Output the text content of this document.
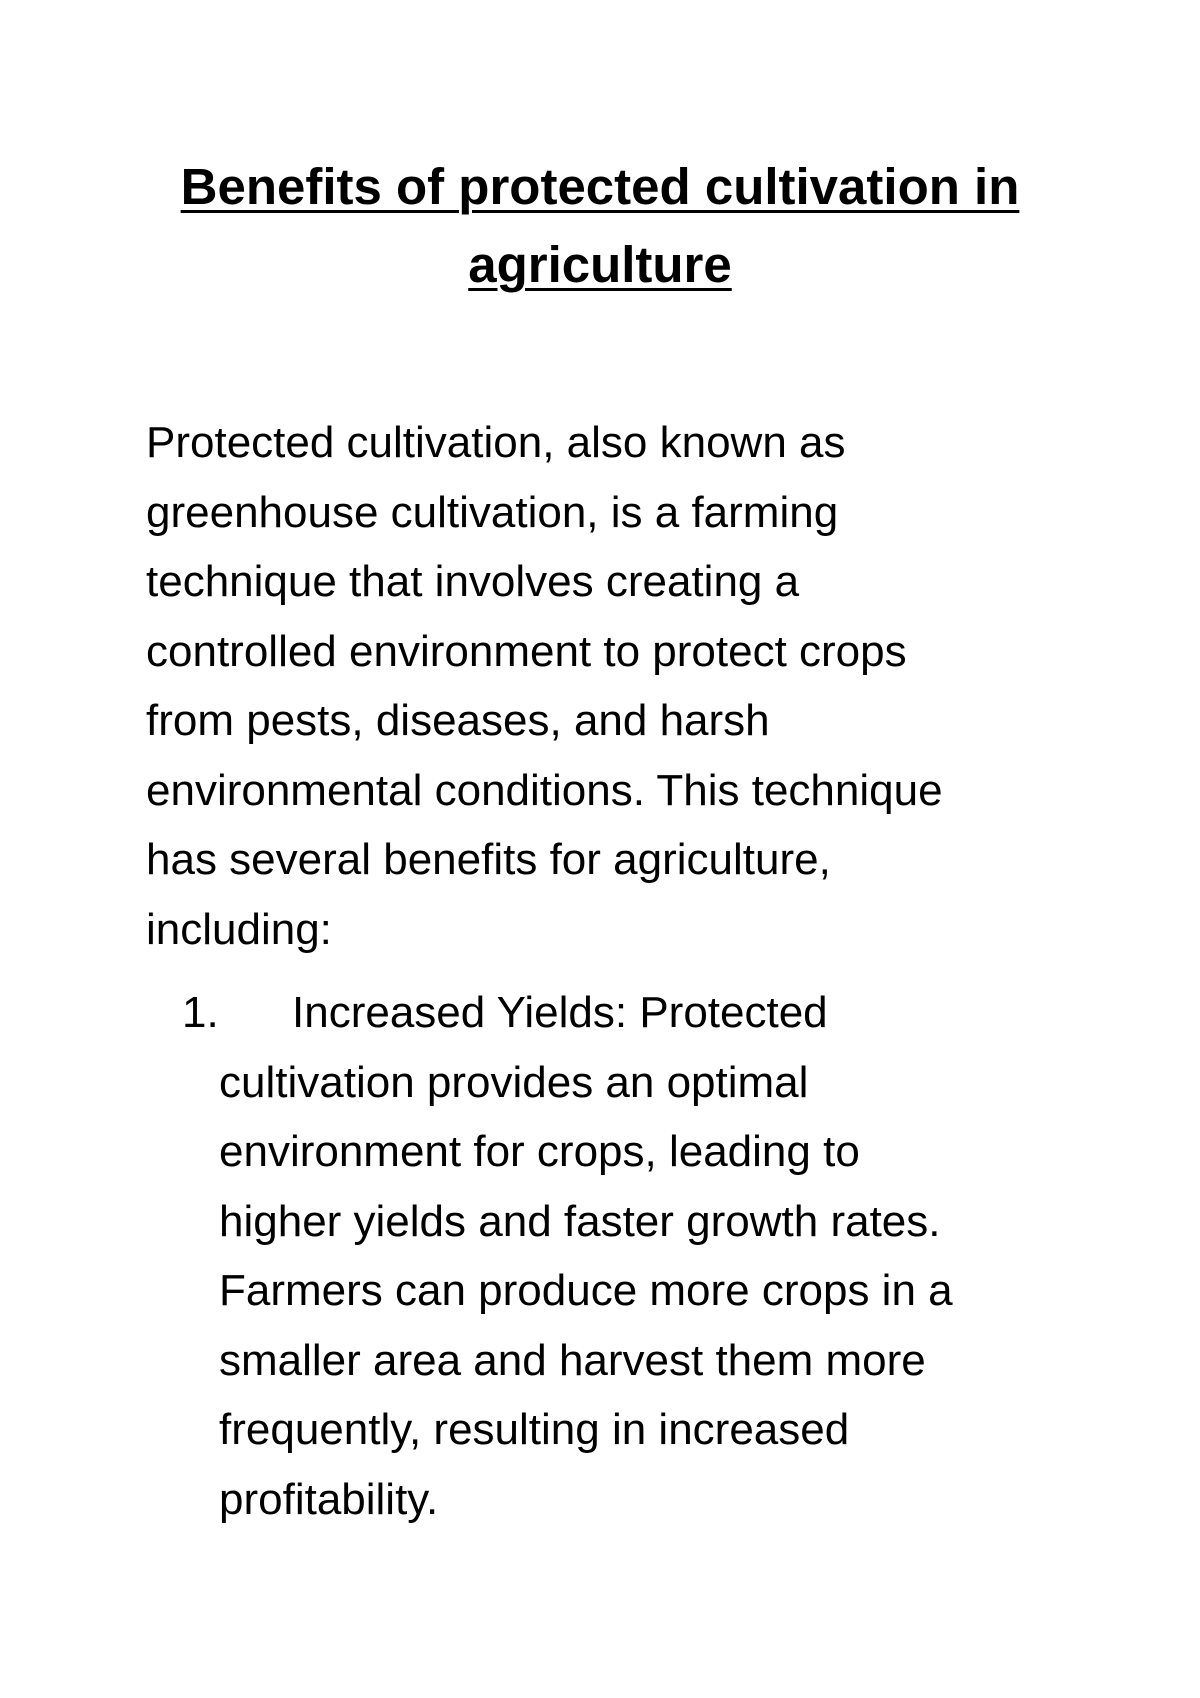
Benefits of protected cultivation in agriculture

Protected cultivation, also known as
greenhouse cultivation, is a farming
technique that involves creating a
controlled environment to protect crops
from pests, diseases, and harsh
environmental conditions. This technique
has several benefits for agriculture,
including:

1. Increased Yields: Protected
cultivation provides an optimal
environment for crops, leading to
higher yields and faster growth rates.
Farmers can produce more crops in a
smaller area and harvest them more
frequently, resulting in increased
profitability.
